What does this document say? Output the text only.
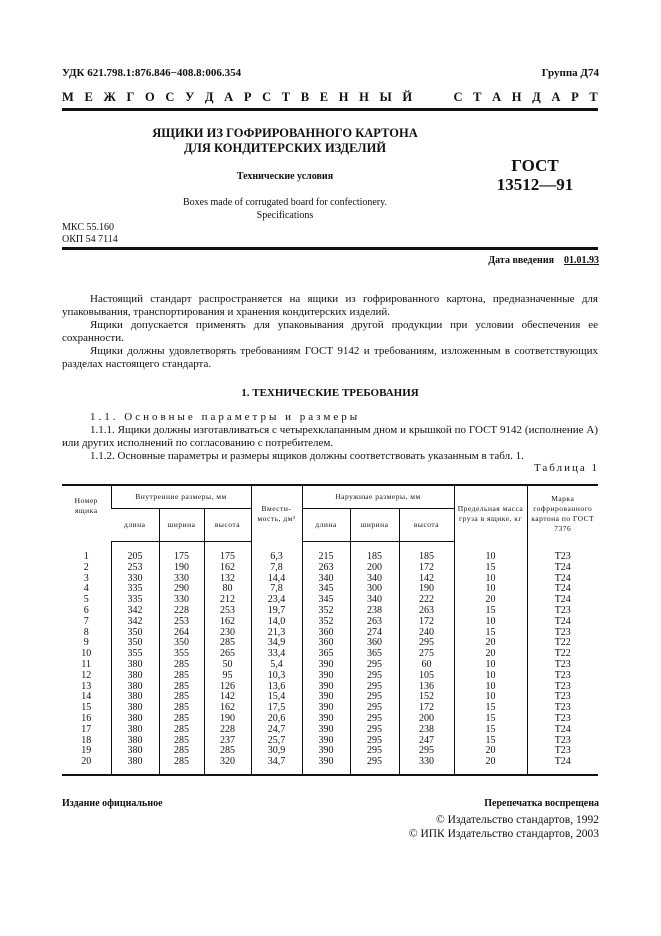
УДК 621.798.1:876.846−408.8:006.354	Группа Д74
М Е Ж Г О С У Д А Р С Т В Е Н Н Ы Й	С Т А Н Д А Р Т
ЯЩИКИ ИЗ ГОФРИРОВАННОГО КАРТОНА
ДЛЯ КОНДИТЕРСКИХ ИЗДЕЛИЙ
Технические условия
ГОСТ
13512—91
Boxes made of corrugated board for confectionery.
Specifications
МКС 55.160
ОКП 54 7114
Дата введения 01.01.93

Настоящий стандарт распространяется на ящики из гофрированного картона, предназначенные для упаковывания, транспортирования и хранения кондитерских изделий.

Ящики допускается применять для упаковывания другой продукции при условии обеспечения ее сохранности.

Ящики должны удовлетворять требованиям ГОСТ 9142 и требованиям, изложенным в соответствующих разделах настоящего стандарта.

1. ТЕХНИЧЕСКИЕ ТРЕБОВАНИЯ
1.1. Основные параметры и размеры

1.1.1. Ящики должны изготавливаться с четырехклапанным дном и крышкой по ГОСТ 9142 (исполнение А) или других исполнений по согласованию с потребителем.

1.1.2. Основные параметры и размеры ящиков должны соответствовать указанным в табл. 1.

Таблица 1
Номер ящика	Внутренние размеры, мм			Вмести-мость, дм³	Наружные размеры, мм			Предельная масса груза в ящике, кг	Марка гофрированного картона по ГОСТ 7376
	длина	ширина	высота		длина	ширина	высота		
1	205	175	175	6,3	215	185	185	10	Т23
2	253	190	162	7,8	263	200	172	15	Т24
3	330	330	132	14,4	340	340	142	10	Т24
4	335	290	80	7,8	345	300	190	10	Т24
5	335	330	212	23,4	345	340	222	20	Т24
6	342	228	253	19,7	352	238	263	15	Т23
7	342	253	162	14,0	352	263	172	10	Т24
8	350	264	230	21,3	360	274	240	15	Т23
9	350	350	285	34,9	360	360	295	20	Т22
10	355	355	265	33,4	365	365	275	20	Т22
11	380	285	50	5,4	390	295	60	10	Т23
12	380	285	95	10,3	390	295	105	10	Т23
13	380	285	126	13,6	390	295	136	10	Т23
14	380	285	142	15,4	390	295	152	10	Т23
15	380	285	162	17,5	390	295	172	15	Т23
16	380	285	190	20,6	390	295	200	15	Т23
17	380	285	228	24,7	390	295	238	15	Т24
18	380	285	237	25,7	390	295	247	15	Т23
19	380	285	285	30,9	390	295	295	20	Т23
20	380	285	320	34,7	390	295	330	20	Т24
Издание официальное	Перепечатка воспрещена
© Издательство стандартов, 1992
© ИПК Издательство стандартов, 2003
